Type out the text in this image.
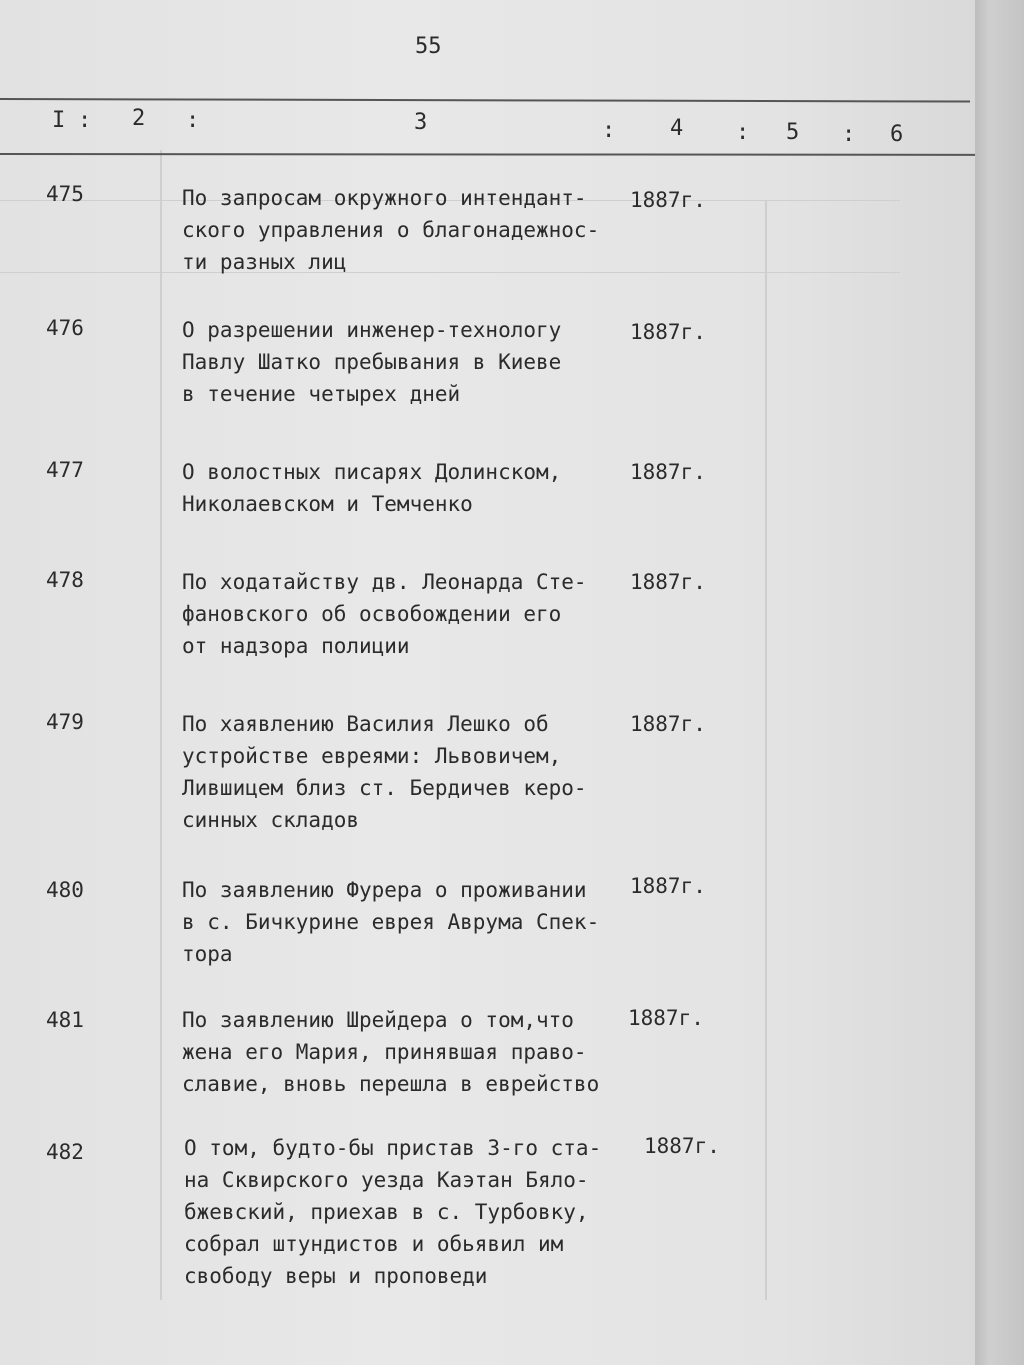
55
I : 2 :	3	: 4 : 5 : 6
475	По запросам окружного интендант-
ского управления о благонадежнос-
ти разных лиц
1887г.
476	О разрешении инженер-технологу
Павлу Шатко пребывания в Киеве
в течение четырех дней
1887г.
477	О волостных писарях Долинском,
Николаевском и Темченко
1887г.
478	По ходатайству дв. Леонарда Сте-
фановского об освобождении его
от надзора полиции
1887г.
479	По хаявлению Василия Лешко об
устройстве евреями: Львовичем,
Лившицем близ ст. Бердичев керо-
синных складов
1887г.
480	По заявлению Фурера о проживании
в с. Бичкурине еврея Аврума Спек-
тора
1887г.
481	По заявлению Шрейдера о том,что
жена его Мария, принявшая право-
славие, вновь перешла в еврейство
1887г.
482	О том, будто-бы пристав 3-го ста-
на Сквирского уезда Каэтан Бяло-
бжевский, приехав в с. Турбовку,
собрал штундистов и обьявил им
свободу веры и проповеди
1887г.
